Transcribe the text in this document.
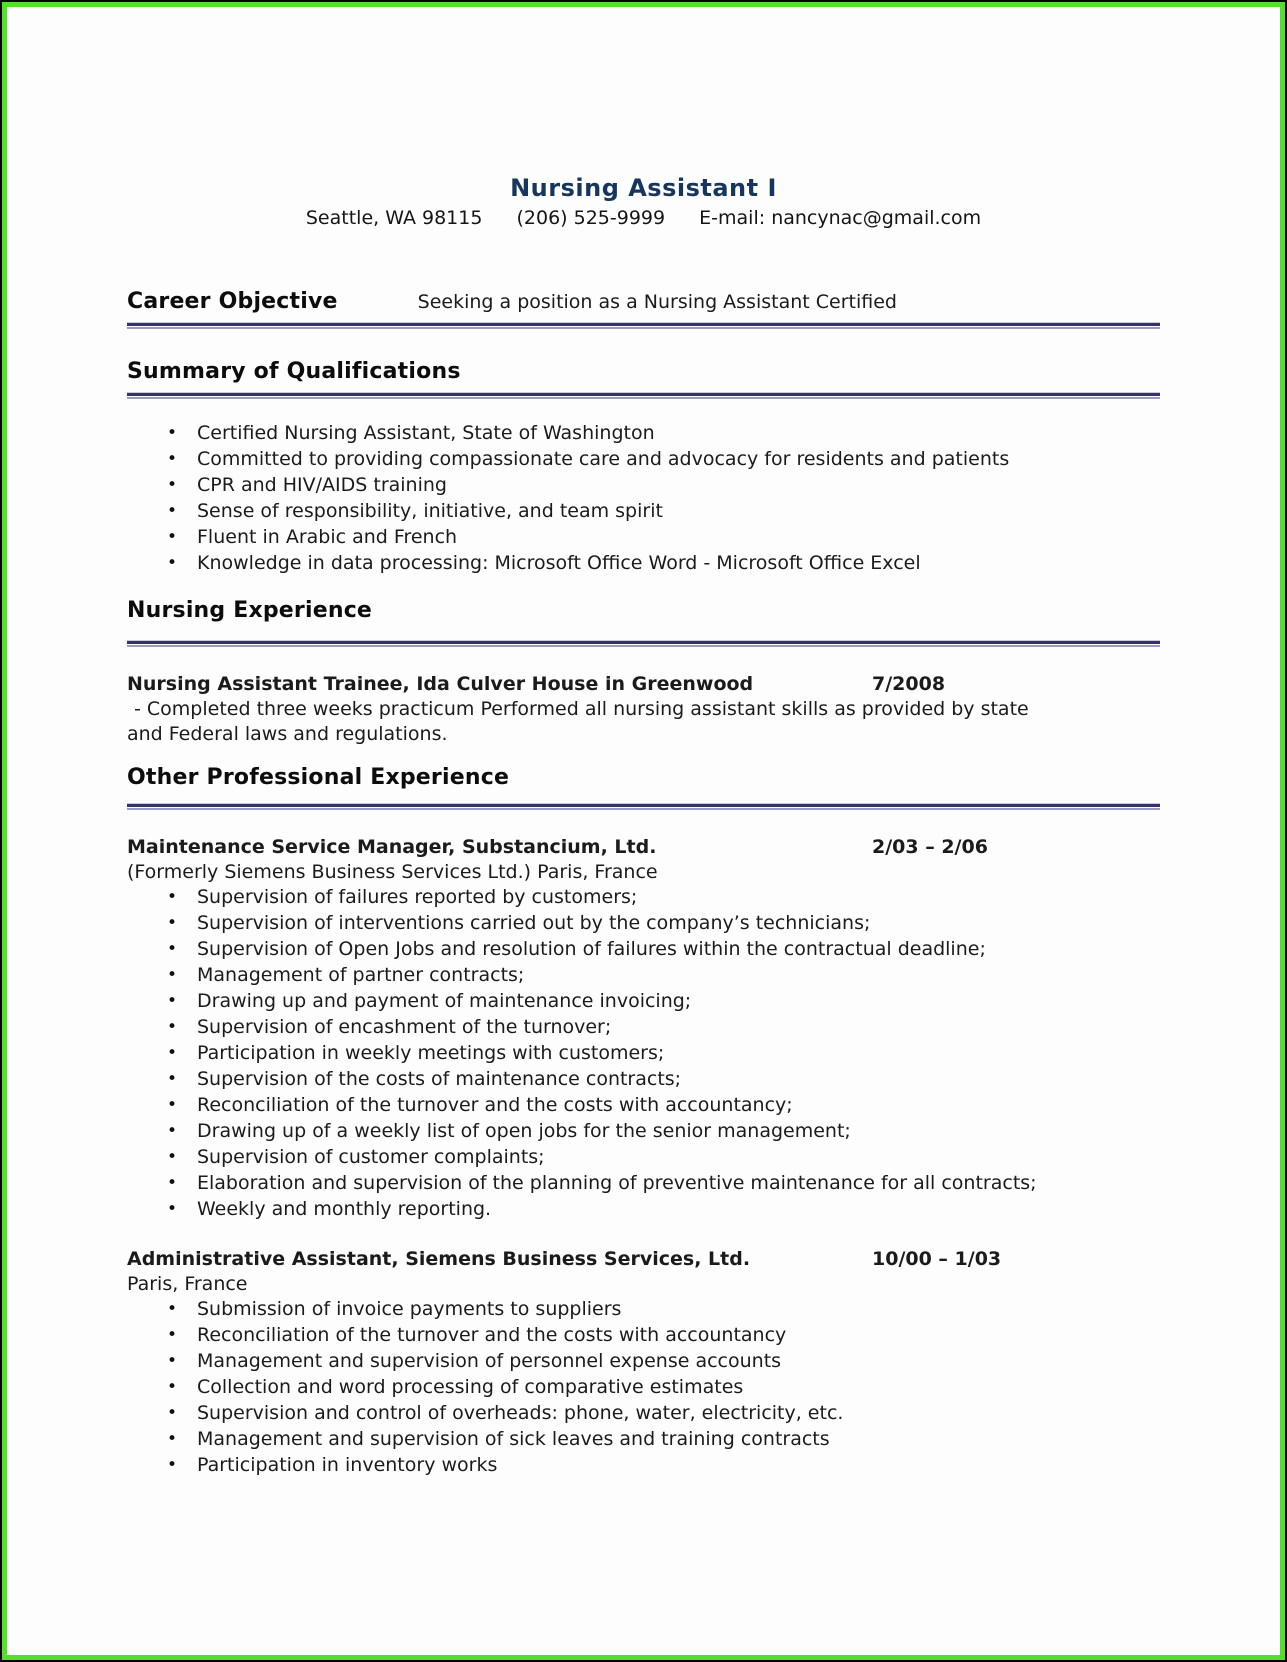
Nursing Assistant I

Seattle, WA 98115 (206) 525-9999 E-mail: nancynac@gmail.com

Career Objective	Seeking a position as a Nursing Assistant Certified
Summary of Qualifications
• Certified Nursing Assistant, State of Washington
• Committed to providing compassionate care and advocacy for residents and patients
• CPR and HIV/AIDS training
• Sense of responsibility, initiative, and team spirit
• Fluent in Arabic and French
• Knowledge in data processing: Microsoft Office Word - Microsoft Office Excel
Nursing Experience
Nursing Assistant Trainee, Ida Culver House in Greenwood	7/2008

- Completed three weeks practicum Performed all nursing assistant skills as provided by state and Federal laws and regulations.

Other Professional Experience
Maintenance Service Manager, Substancium, Ltd.	2/03 – 2/06

(Formerly Siemens Business Services Ltd.) Paris, France

• Supervision of failures reported by customers;
• Supervision of interventions carried out by the company’s technicians;
• Supervision of Open Jobs and resolution of failures within the contractual deadline;
• Management of partner contracts;
• Drawing up and payment of maintenance invoicing;
• Supervision of encashment of the turnover;
• Participation in weekly meetings with customers;
• Supervision of the costs of maintenance contracts;
• Reconciliation of the turnover and the costs with accountancy;
• Drawing up of a weekly list of open jobs for the senior management;
• Supervision of customer complaints;
• Elaboration and supervision of the planning of preventive maintenance for all contracts;
• Weekly and monthly reporting.
Administrative Assistant, Siemens Business Services, Ltd.	10/00 – 1/03

Paris, France

• Submission of invoice payments to suppliers
• Reconciliation of the turnover and the costs with accountancy
• Management and supervision of personnel expense accounts
• Collection and word processing of comparative estimates
• Supervision and control of overheads: phone, water, electricity, etc.
• Management and supervision of sick leaves and training contracts
• Participation in inventory works
